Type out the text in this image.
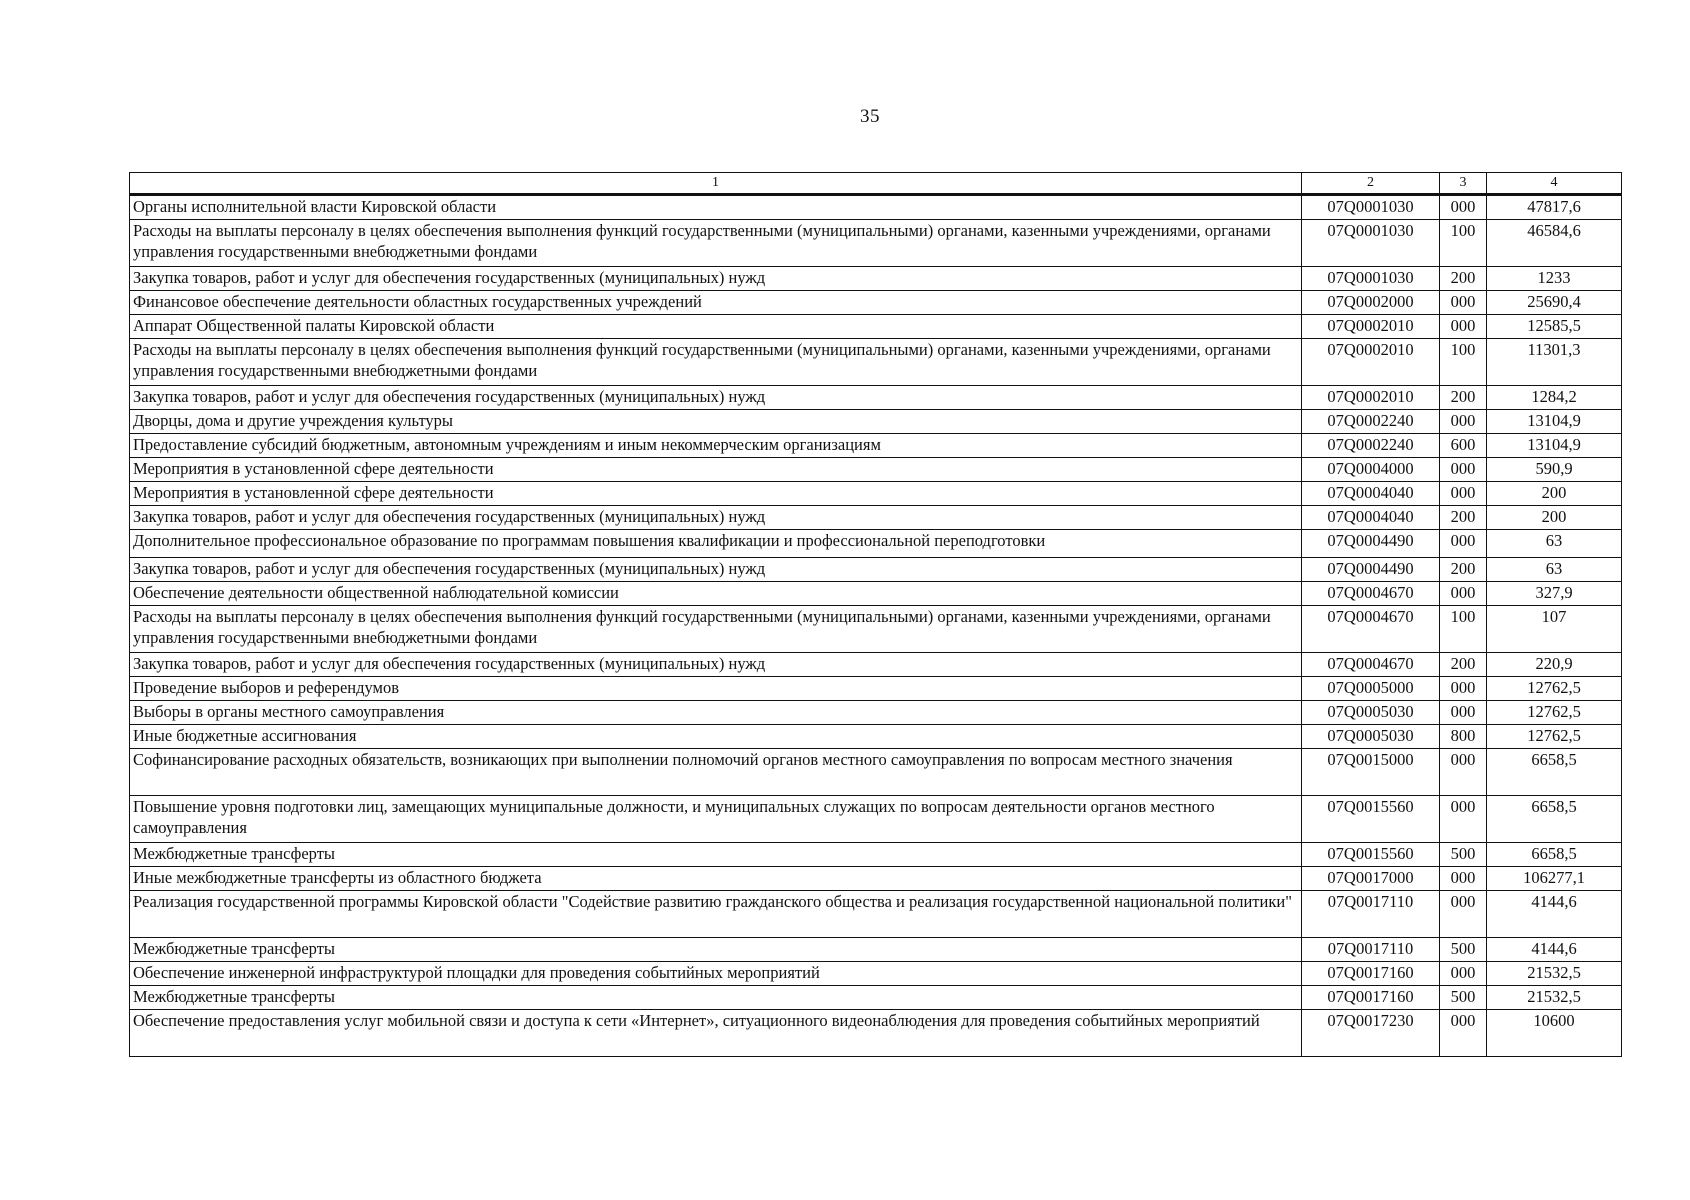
35
1	2	3	4
Органы исполнительной власти Кировской области	07Q0001030	000	47817,6
Расходы на выплаты персоналу в целях обеспечения выполнения функций государственными (муниципальными) органами, казенными учреждениями, органами управления государственными внебюджетными фондами	07Q0001030	100	46584,6
Закупка товаров, работ и услуг для обеспечения государственных (муниципальных) нужд	07Q0001030	200	1233
Финансовое обеспечение деятельности областных государственных учреждений	07Q0002000	000	25690,4
Аппарат Общественной палаты Кировской области	07Q0002010	000	12585,5
Расходы на выплаты персоналу в целях обеспечения выполнения функций государственными (муниципальными) органами, казенными учреждениями, органами управления государственными внебюджетными фондами	07Q0002010	100	11301,3
Закупка товаров, работ и услуг для обеспечения государственных (муниципальных) нужд	07Q0002010	200	1284,2
Дворцы, дома и другие учреждения культуры	07Q0002240	000	13104,9
Предоставление субсидий бюджетным, автономным учреждениям и иным некоммерческим организациям	07Q0002240	600	13104,9
Мероприятия в установленной сфере деятельности	07Q0004000	000	590,9
Мероприятия в установленной сфере деятельности	07Q0004040	000	200
Закупка товаров, работ и услуг для обеспечения государственных (муниципальных) нужд	07Q0004040	200	200
Дополнительное профессиональное образование по программам повышения квалификации и профессиональной переподготовки	07Q0004490	000	63
Закупка товаров, работ и услуг для обеспечения государственных (муниципальных) нужд	07Q0004490	200	63
Обеспечение деятельности общественной наблюдательной комиссии	07Q0004670	000	327,9
Расходы на выплаты персоналу в целях обеспечения выполнения функций государственными (муниципальными) органами, казенными учреждениями, органами управления государственными внебюджетными фондами	07Q0004670	100	107
Закупка товаров, работ и услуг для обеспечения государственных (муниципальных) нужд	07Q0004670	200	220,9
Проведение выборов и референдумов	07Q0005000	000	12762,5
Выборы в органы местного самоуправления	07Q0005030	000	12762,5
Иные бюджетные ассигнования	07Q0005030	800	12762,5
Софинансирование расходных обязательств, возникающих при выполнении полномочий органов местного самоуправления по вопросам местного значения	07Q0015000	000	6658,5
Повышение уровня подготовки лиц, замещающих муниципальные должности, и муниципальных служащих по вопросам деятельности органов местного самоуправления	07Q0015560	000	6658,5
Межбюджетные трансферты	07Q0015560	500	6658,5
Иные межбюджетные трансферты из областного бюджета	07Q0017000	000	106277,1
Реализация государственной программы Кировской области "Содействие развитию гражданского общества и реализация государственной национальной политики"	07Q0017110	000	4144,6
Межбюджетные трансферты	07Q0017110	500	4144,6
Обеспечение инженерной инфраструктурой площадки для проведения событийных мероприятий	07Q0017160	000	21532,5
Межбюджетные трансферты	07Q0017160	500	21532,5
Обеспечение предоставления услуг мобильной связи и доступа к сети «Интернет», ситуационного видеонаблюдения для проведения событийных мероприятий	07Q0017230	000	10600
